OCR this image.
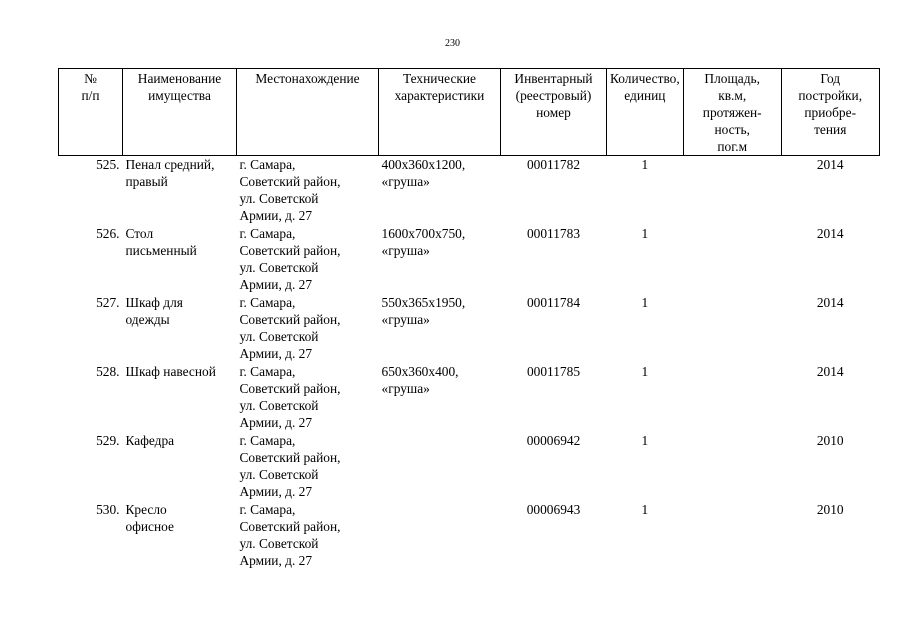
230
№
п/п	Наименование
имущества	Местонахождение	Технические
характеристики	Инвентарный
(реестровый)
номер	Количество,
единиц	Площадь,
кв.м,
протяжен-
ность,
пог.м	Год
постройки,
приобре-
тения

525.	Пенал средний,
правый	г. Самара,
Советский район,
ул. Советской
Армии, д. 27	400х360х1200,
«груша»	00011782	1		2014
526.	Стол
письменный	г. Самара,
Советский район,
ул. Советской
Армии, д. 27	1600х700х750,
«груша»	00011783	1		2014
527.	Шкаф для
одежды	г. Самара,
Советский район,
ул. Советской
Армии, д. 27	550х365х1950,
«груша»	00011784	1		2014
528.	Шкаф навесной	г. Самара,
Советский район,
ул. Советской
Армии, д. 27	650х360х400,
«груша»	00011785	1		2014
529.	Кафедра	г. Самара,
Советский район,
ул. Советской
Армии, д. 27		00006942	1		2010
530.	Кресло
офисное	г. Самара,
Советский район,
ул. Советской
Армии, д. 27		00006943	1		2010
